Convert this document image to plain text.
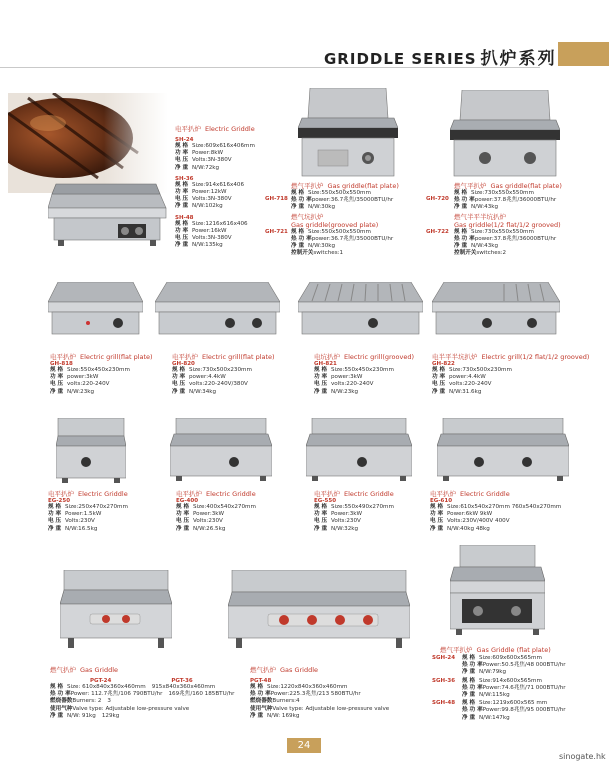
GRIDDLE SERIES 扒炉系列
电平扒炉 Electric Griddle
SH-24
规 格 Size:609x616x406mm
功 率 Power:8kW
电 压 Volts:3N-380V
净 重 N/W:72kg
SH-36
规 格 Size:914x616x406
功 率 Power:12kW
电 压 Volts:3N-380V
净 重 N/W:102kg
SH-48
规 格 Size:1216x616x406
功 率 Power:16kW
电 压 Volts:3N-380V
净 重 N/W:135kg
燃气平扒炉 Gas griddle(flat plate)
GH-718
规 格 Size:550x500x550mm
热 功 率power:36.7兆焦/35000BTU/hr
净 重 N/W:30kg
燃气坑扒炉
Gas griddle(grooved plate)
GH-721 规 格 Size:550x500x550mm
热 功 率power:36.7兆焦/35000BTU/hr
净 重 N/W:30kg
控制开关switches:1
燃气平扒炉 Gas griddle(flat plate)
GH-720
规 格 Size:730x550x550mm
热 功 率power:37.8兆焦/36000BTU/hr
净 重 N/W:43kg
燃气半平半坑扒炉
Gas griddle(1/2 flat/1/2 grooved)
GH-722 规 格 Size:730x550x550mm
热 功 率power:37.8兆焦/36000BTU/hr
净 重 N/W:43kg
控制开关switches:2
电平扒炉 Electric grill(flat plate)
GH-818
规 格 Size:550x450x230mm
功 率 power:3kW
电 压 volts:220-240V
净 重 N/W:23kg
电平扒炉 Electric grill(flat plate)
GH-820
规 格 Size:730x500x230mm
功 率 power:4.4kW
电 压 volts:220-240V/380V
净 重 N/W:34kg
电坑扒炉 Electric grill(grooved)
GH-821
规 格 Size:550x450x230mm
功 率 power:3kW
电 压 volts:220-240V
净 重 N/W:23kg
电半平半坑扒炉 Electric grill(1/2 flat/1/2 grooved)
GH-822
规 格 Size:730x500x230mm
功 率 power:4.4kW
电 压 volts:220-240V
净 重 N/W:31.6kg
电平扒炉 Electric Griddle
EG-250
规 格 Size:250x470x270mm
功 率 Power:1.5kW
电 压 Volts:230V
净 重 N/W:16.5kg
电平扒炉 Electric Griddle
EG-400
规 格 Size:400x540x270mm
功 率 Power:3kW
电 压 Volts:230V
净 重 N/W:26.5kg
电平扒炉 Electric Griddle
EG-550
规 格 Size:550x490x270mm
功 率 Power:3kW
电 压 Volts:230V
净 重 N/W:32kg
电平扒炉 Electric Griddle
EG-610
规 格 Size:610x540x270mm 760x540x270mm
功 率 Power:6kW 9kW
电 压 Volts:230V/400V 400V
净 重 N/W:40kg 48kg
燃气扒炉 Gas Griddle
PGT-24	PGT-36
规 格 Size: 610x840x360x460mm 915x840x360x460mm
热 功 率Power: 112.7兆焦/106 790BTU/hr 169兆焦/160 185BTU/hr
燃烧器数Burners: 2 3
使用气种Valve type: Adjustable low-pressure valve
净 重 N/W: 91kg 129kg
燃气扒炉 Gas Griddle
PGT-48
规 格 Size:1220x840x360x460mm
热 功 率Power:225.3兆焦/213 580BTU/hr
燃烧器数Burners:4
使用气种Valve type: Adjustable low-pressure valve
净 重 N/W: 169kg
燃气平扒炉 Gas Griddle (flat plate)
SGH-24	规 格 Size:609x600x565mm
热 功 率Power:50.5兆焦/48 000BTU/hr
净 重 N/W:79kg
SGH-36	规 格 Size:914x600x565mm
热 功 率Power:74.6兆焦/71 000BTU/hr
净 重 N/W:115kg
SGH-48	规 格 Size:1219x600x565 mm
热 功 率Power:99.8兆焦/95 000BTU/hr
净 重 N/W:147kg
24
sinogate.hk
